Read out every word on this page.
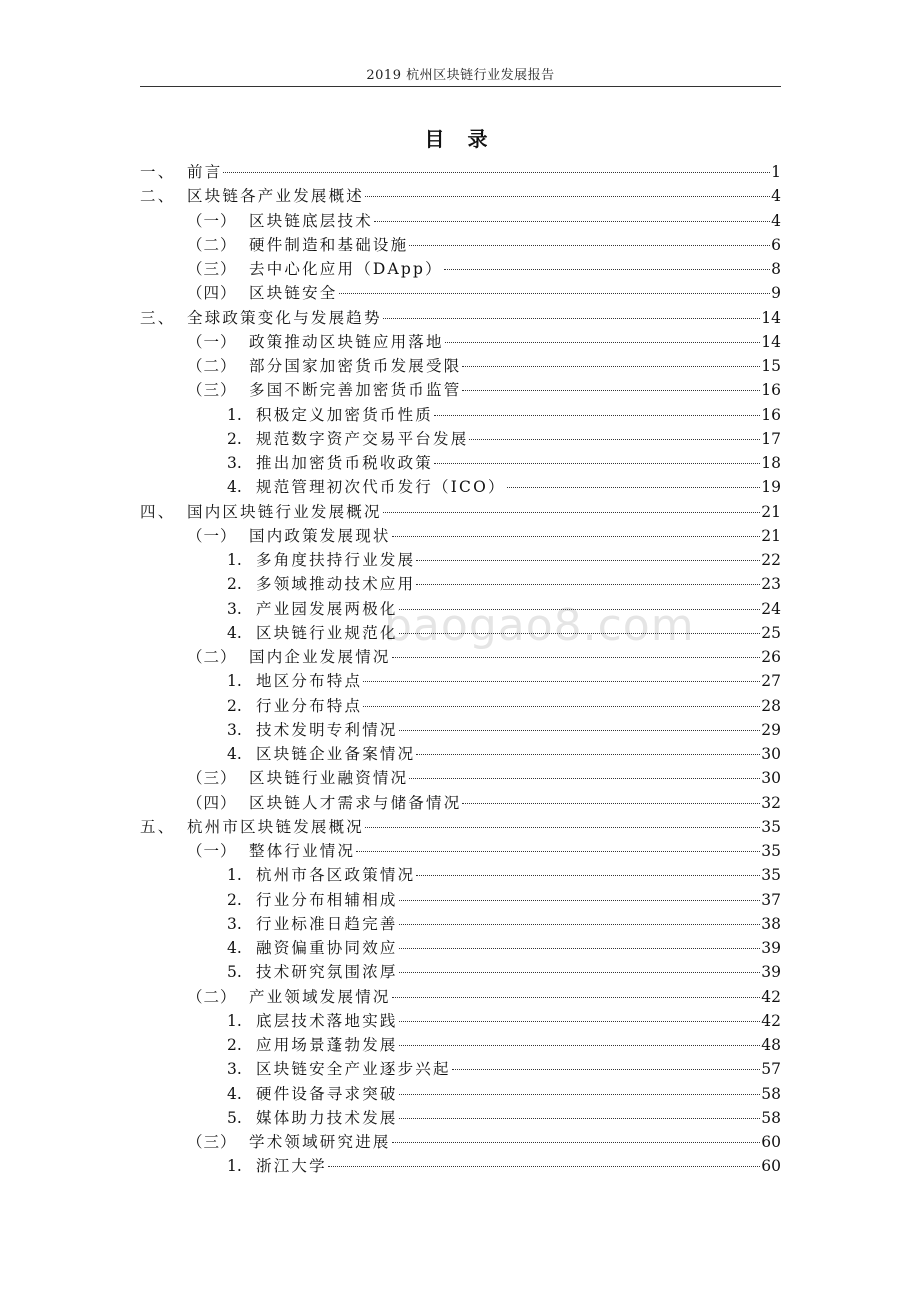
2019 杭州区块链行业发展报告
目 录
baogao8.com
一、 前言	1
二、 区块链各产业发展概述	4
（一） 区块链底层技术	4
（二） 硬件制造和基础设施	6
（三） 去中心化应用（DApp）	8
（四） 区块链安全	9
三、 全球政策变化与发展趋势	14
（一） 政策推动区块链应用落地	14
（二） 部分国家加密货币发展受限	15
（三） 多国不断完善加密货币监管	16
1. 积极定义加密货币性质	16
2. 规范数字资产交易平台发展	17
3. 推出加密货币税收政策	18
4. 规范管理初次代币发行（ICO）	19
四、 国内区块链行业发展概况	21
（一） 国内政策发展现状	21
1. 多角度扶持行业发展	22
2. 多领域推动技术应用	23
3. 产业园发展两极化	24
4. 区块链行业规范化	25
（二） 国内企业发展情况	26
1. 地区分布特点	27
2. 行业分布特点	28
3. 技术发明专利情况	29
4. 区块链企业备案情况	30
（三） 区块链行业融资情况	30
（四） 区块链人才需求与储备情况	32
五、 杭州市区块链发展概况	35
（一） 整体行业情况	35
1. 杭州市各区政策情况	35
2. 行业分布相辅相成	37
3. 行业标准日趋完善	38
4. 融资偏重协同效应	39
5. 技术研究氛围浓厚	39
（二） 产业领域发展情况	42
1. 底层技术落地实践	42
2. 应用场景蓬勃发展	48
3. 区块链安全产业逐步兴起	57
4. 硬件设备寻求突破	58
5. 媒体助力技术发展	58
（三） 学术领域研究进展	60
1. 浙江大学	60
